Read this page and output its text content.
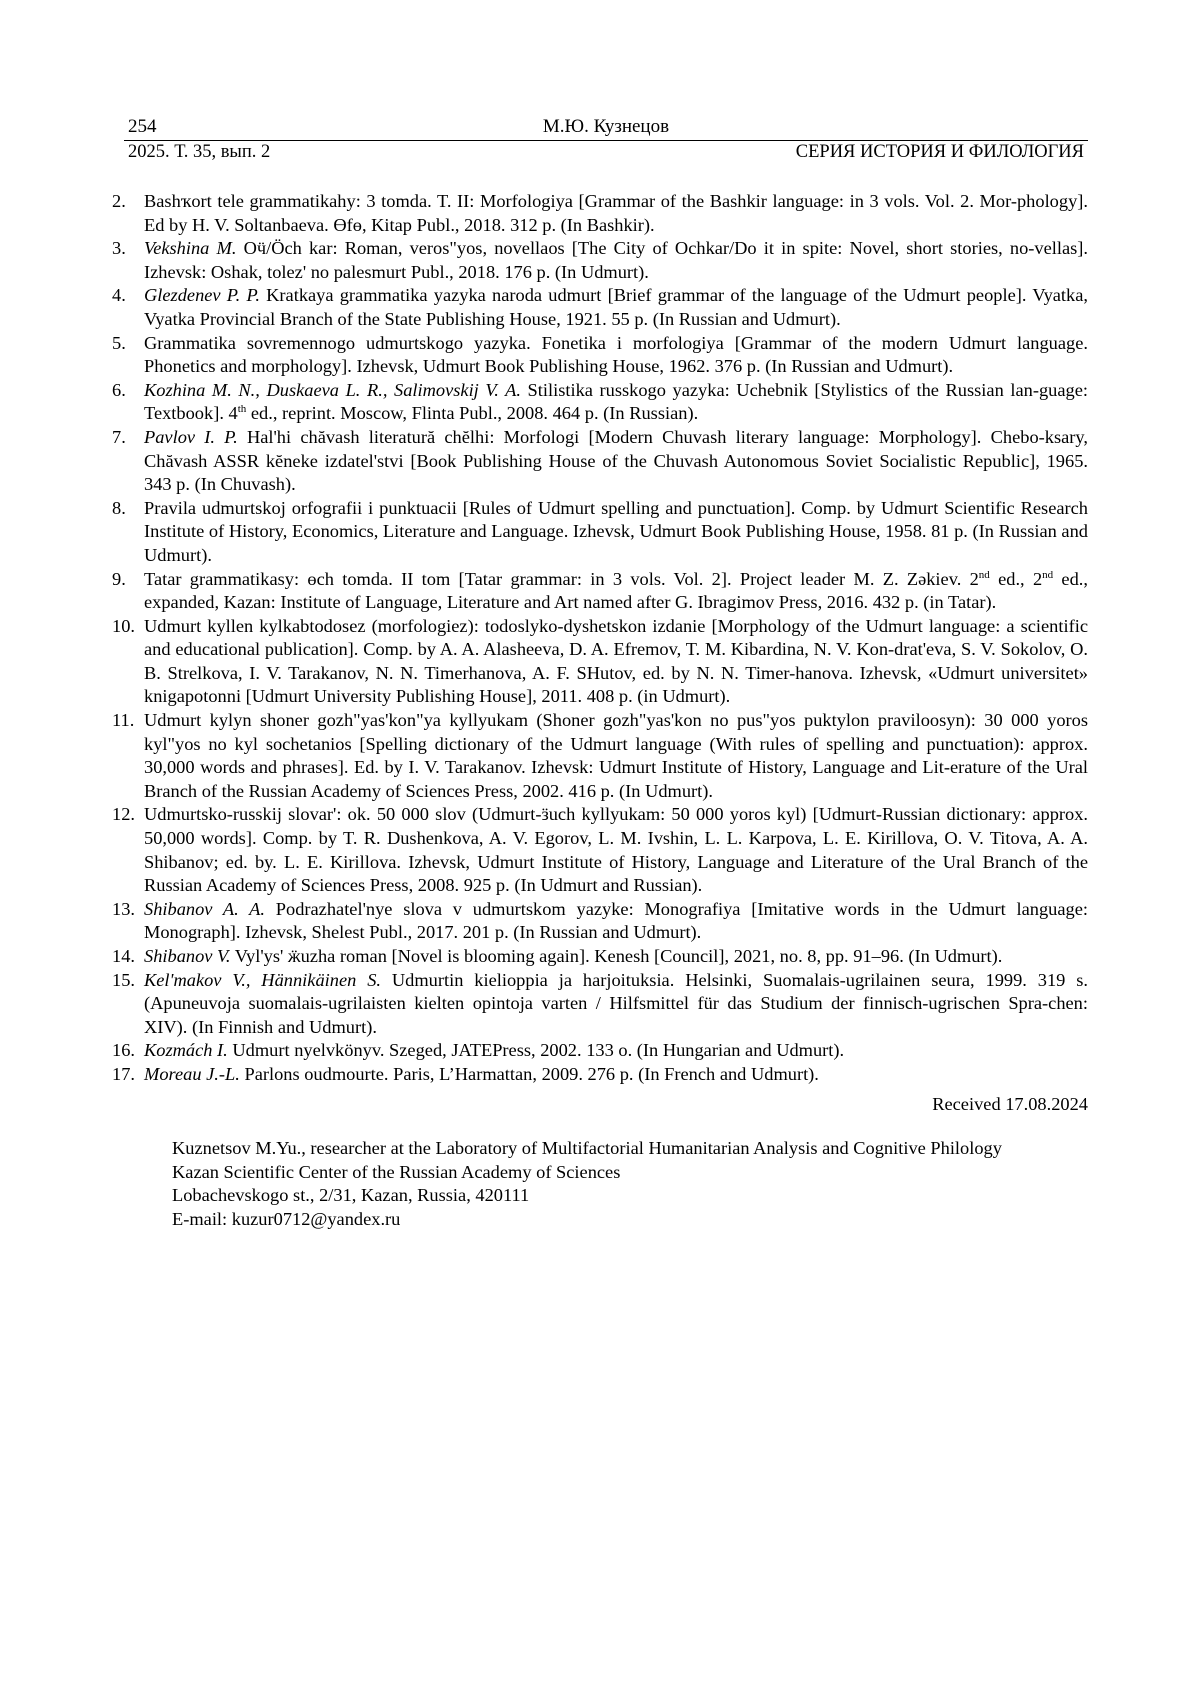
254	М.Ю. Кузнецов
2025. Т. 35, вып. 2	СЕРИЯ ИСТОРИЯ И ФИЛОЛОГИЯ
2. Bashҡort tele grammatikahy: 3 tomda. T. II: Morfologiya [Grammar of the Bashkir language: in 3 vols. Vol. 2. Mor-phology]. Ed by H. V. Soltanbaeva. Өfө, Kitap Publ., 2018. 312 p. (In Bashkir).
3. Vekshina M. Oӵ/Öch kar: Roman, veros"yos, novellaos [The City of Ochkar/Do it in spite: Novel, short stories, no-vellas]. Izhevsk: Oshak, tolez' no palesmurt Publ., 2018. 176 p. (In Udmurt).
4. Glezdenev P. P. Kratkaya grammatika yazyka naroda udmurt [Brief grammar of the language of the Udmurt people]. Vyatka, Vyatka Provincial Branch of the State Publishing House, 1921. 55 p. (In Russian and Udmurt).
5. Grammatika sovremennogo udmurtskogo yazyka. Fonetika i morfologiya [Grammar of the modern Udmurt language. Phonetics and morphology]. Izhevsk, Udmurt Book Publishing House, 1962. 376 p. (In Russian and Udmurt).
6. Kozhina M. N., Duskaeva L. R., Salimovskij V. A. Stilistika russkogo yazyka: Uchebnik [Stylistics of the Russian lan-guage: Textbook]. 4th ed., reprint. Moscow, Flinta Publ., 2008. 464 p. (In Russian).
7. Pavlov I. P. Hal'hi chăvash literatură chĕlhi: Morfologi [Modern Chuvash literary language: Morphology]. Chebo-ksary, Chăvash ASSR kĕneke izdatel'stvi [Book Publishing House of the Chuvash Autonomous Soviet Socialistic Republic], 1965. 343 p. (In Chuvash).
8. Pravila udmurtskoj orfografii i punktuacii [Rules of Udmurt spelling and punctuation]. Comp. by Udmurt Scientific Research Institute of History, Economics, Literature and Language. Izhevsk, Udmurt Book Publishing House, 1958. 81 p. (In Russian and Udmurt).
9. Tatar grammatikasy: өch tomda. II tom [Tatar grammar: in 3 vols. Vol. 2]. Project leader M. Z. Zәkiev. 2nd ed., 2nd ed., expanded, Kazan: Institute of Language, Literature and Art named after G. Ibragimov Press, 2016. 432 p. (in Tatar).
10. Udmurt kyllen kylkabtodosez (morfologiez): todoslyko-dyshetskon izdanie [Morphology of the Udmurt language: a scientific and educational publication]. Comp. by A. A. Alasheeva, D. A. Efremov, T. M. Kibardina, N. V. Kon-drat'eva, S. V. Sokolov, O. B. Strelkova, I. V. Tarakanov, N. N. Timerhanova, A. F. SHutov, ed. by N. N. Timer-hanova. Izhevsk, «Udmurt universitet» knigapotonni [Udmurt University Publishing House], 2011. 408 p. (in Udmurt).
11. Udmurt kylyn shoner gozh"yas'kon"ya kyllyukam (Shoner gozh"yas'kon no pus"yos puktylon praviloosyn): 30 000 yoros kyl"yos no kyl sochetanios [Spelling dictionary of the Udmurt language (With rules of spelling and punctuation): approx. 30,000 words and phrases]. Ed. by I. V. Tarakanov. Izhevsk: Udmurt Institute of History, Language and Lit-erature of the Ural Branch of the Russian Academy of Sciences Press, 2002. 416 p. (In Udmurt).
12. Udmurtsko-russkij slovar': ok. 50 000 slov (Udmurt-ӟuch kyllyukam: 50 000 yoros kyl) [Udmurt-Russian dictionary: approx. 50,000 words]. Comp. by T. R. Dushenkova, A. V. Egorov, L. M. Ivshin, L. L. Karpova, L. E. Kirillova, O. V. Titova, A. A. Shibanov; ed. by. L. E. Kirillova. Izhevsk, Udmurt Institute of History, Language and Literature of the Ural Branch of the Russian Academy of Sciences Press, 2008. 925 p. (In Udmurt and Russian).
13. Shibanov A. A. Podrazhatel'nye slova v udmurtskom yazyke: Monografiya [Imitative words in the Udmurt language: Monograph]. Izhevsk, Shelest Publ., 2017. 201 p. (In Russian and Udmurt).
14. Shibanov V. Vyl'ys' ӝuzha roman [Novel is blooming again]. Kenesh [Council], 2021, no. 8, pp. 91–96. (In Udmurt).
15. Kel'makov V., Hännikäinen S. Udmurtin kielioppia ja harjoituksia. Helsinki, Suomalais-ugrilainen seura, 1999. 319 s. (Apuneuvoja suomalais-ugrilaisten kielten opintoja varten / Hilfsmittel für das Studium der finnisch-ugrischen Spra-chen: XIV). (In Finnish and Udmurt).
16. Kozmách I. Udmurt nyelvkönyv. Szeged, JATEPress, 2002. 133 o. (In Hungarian and Udmurt).
17. Moreau J.-L. Parlons oudmourte. Paris, L’Harmattan, 2009. 276 p. (In French and Udmurt).
Received 17.08.2024
Kuznetsov M.Yu., researcher at the Laboratory of Multifactorial Humanitarian Analysis and Cognitive Philology
Kazan Scientific Center of the Russian Academy of Sciences
Lobachevskogo st., 2/31, Kazan, Russia, 420111
E-mail: kuzur0712@yandex.ru
